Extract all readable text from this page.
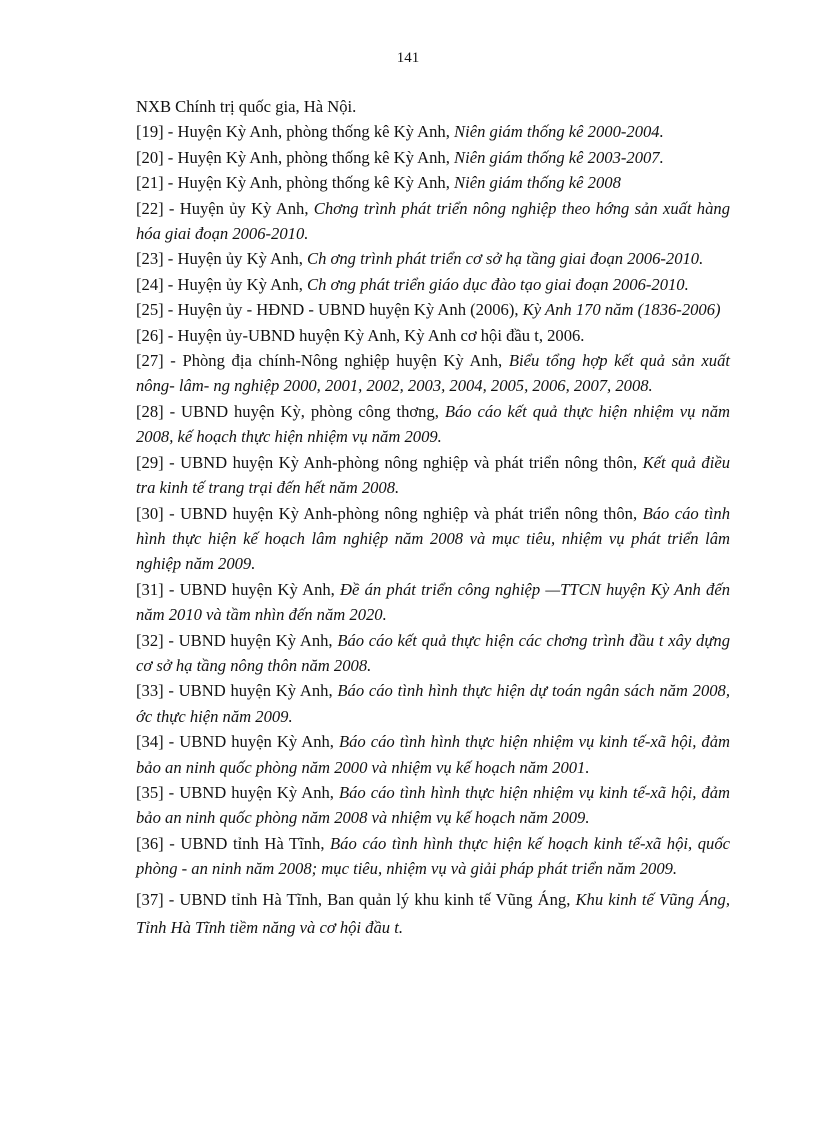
141

NXB Chính trị quốc gia, Hà Nội.

[19] - Huyện Kỳ Anh, phòng thống kê Kỳ Anh, Niên giám thống kê 2000-2004.

[20] - Huyện Kỳ Anh, phòng thống kê Kỳ Anh, Niên giám thống kê 2003-2007.

[21] - Huyện Kỳ Anh, phòng thống kê Kỳ Anh, Niên giám thống kê 2008

[22] - Huyện ủy Kỳ Anh, Chơng trình phát triển nông nghiệp theo hớng sản xuất hàng hóa giai đoạn 2006-2010.

[23] - Huyện ủy Kỳ Anh, Ch ơng trình phát triển cơ sở hạ tầng giai đoạn 2006-2010.

[24] - Huyện ủy Kỳ Anh, Ch ơng phát triển giáo dục đào tạo giai đoạn 2006-2010.

[25] - Huyện ủy - HĐND - UBND huyện Kỳ Anh (2006), Kỳ Anh 170 năm (1836-2006)

[26] - Huyện ủy-UBND huyện Kỳ Anh, Kỳ Anh cơ hội đầu t, 2006.

[27] - Phòng địa chính-Nông nghiệp huyện Kỳ Anh, Biểu tổng hợp kết quả sản xuất nông- lâm- ng nghiệp 2000, 2001, 2002, 2003, 2004, 2005, 2006, 2007, 2008.

[28] - UBND huyện Kỳ, phòng công thơng, Báo cáo kết quả thực hiện nhiệm vụ năm 2008, kế hoạch thực hiện nhiệm vụ năm 2009.

[29] - UBND huyện Kỳ Anh-phòng nông nghiệp và phát triển nông thôn, Kết quả điều tra kinh tế trang trại đến hết năm 2008.

[30] - UBND huyện Kỳ Anh-phòng nông nghiệp và phát triển nông thôn, Báo cáo tình hình thực hiện kế hoạch lâm nghiệp năm 2008 và mục tiêu, nhiệm vụ phát triển lâm nghiệp năm 2009.

[31] - UBND huyện Kỳ Anh, Đề án phát triển công nghiệp —TTCN huyện Kỳ Anh đến năm 2010 và tầm nhìn đến năm 2020.

[32] - UBND huyện Kỳ Anh, Báo cáo kết quả thực hiện các chơng trình đầu t xây dựng cơ sở hạ tầng nông thôn năm 2008.

[33] - UBND huyện Kỳ Anh, Báo cáo tình hình thực hiện dự toán ngân sách năm 2008, ớc thực hiện năm 2009.

[34] - UBND huyện Kỳ Anh, Báo cáo tình hình thực hiện nhiệm vụ kinh tế-xã hội, đảm bảo an ninh quốc phòng năm 2000 và nhiệm vụ kế hoạch năm 2001.

[35] - UBND huyện Kỳ Anh, Báo cáo tình hình thực hiện nhiệm vụ kinh tế-xã hội, đảm bảo an ninh quốc phòng năm 2008 và nhiệm vụ kế hoạch năm 2009.

[36] - UBND tỉnh Hà Tĩnh, Báo cáo tình hình thực hiện kế hoạch kinh tế-xã hội, quốc phòng - an ninh năm 2008; mục tiêu, nhiệm vụ và giải pháp phát triển năm 2009.

[37] - UBND tỉnh Hà Tĩnh, Ban quản lý khu kinh tế Vũng Áng, Khu kinh tế Vũng Áng, Tỉnh Hà Tĩnh tiềm năng và cơ hội đầu t.
